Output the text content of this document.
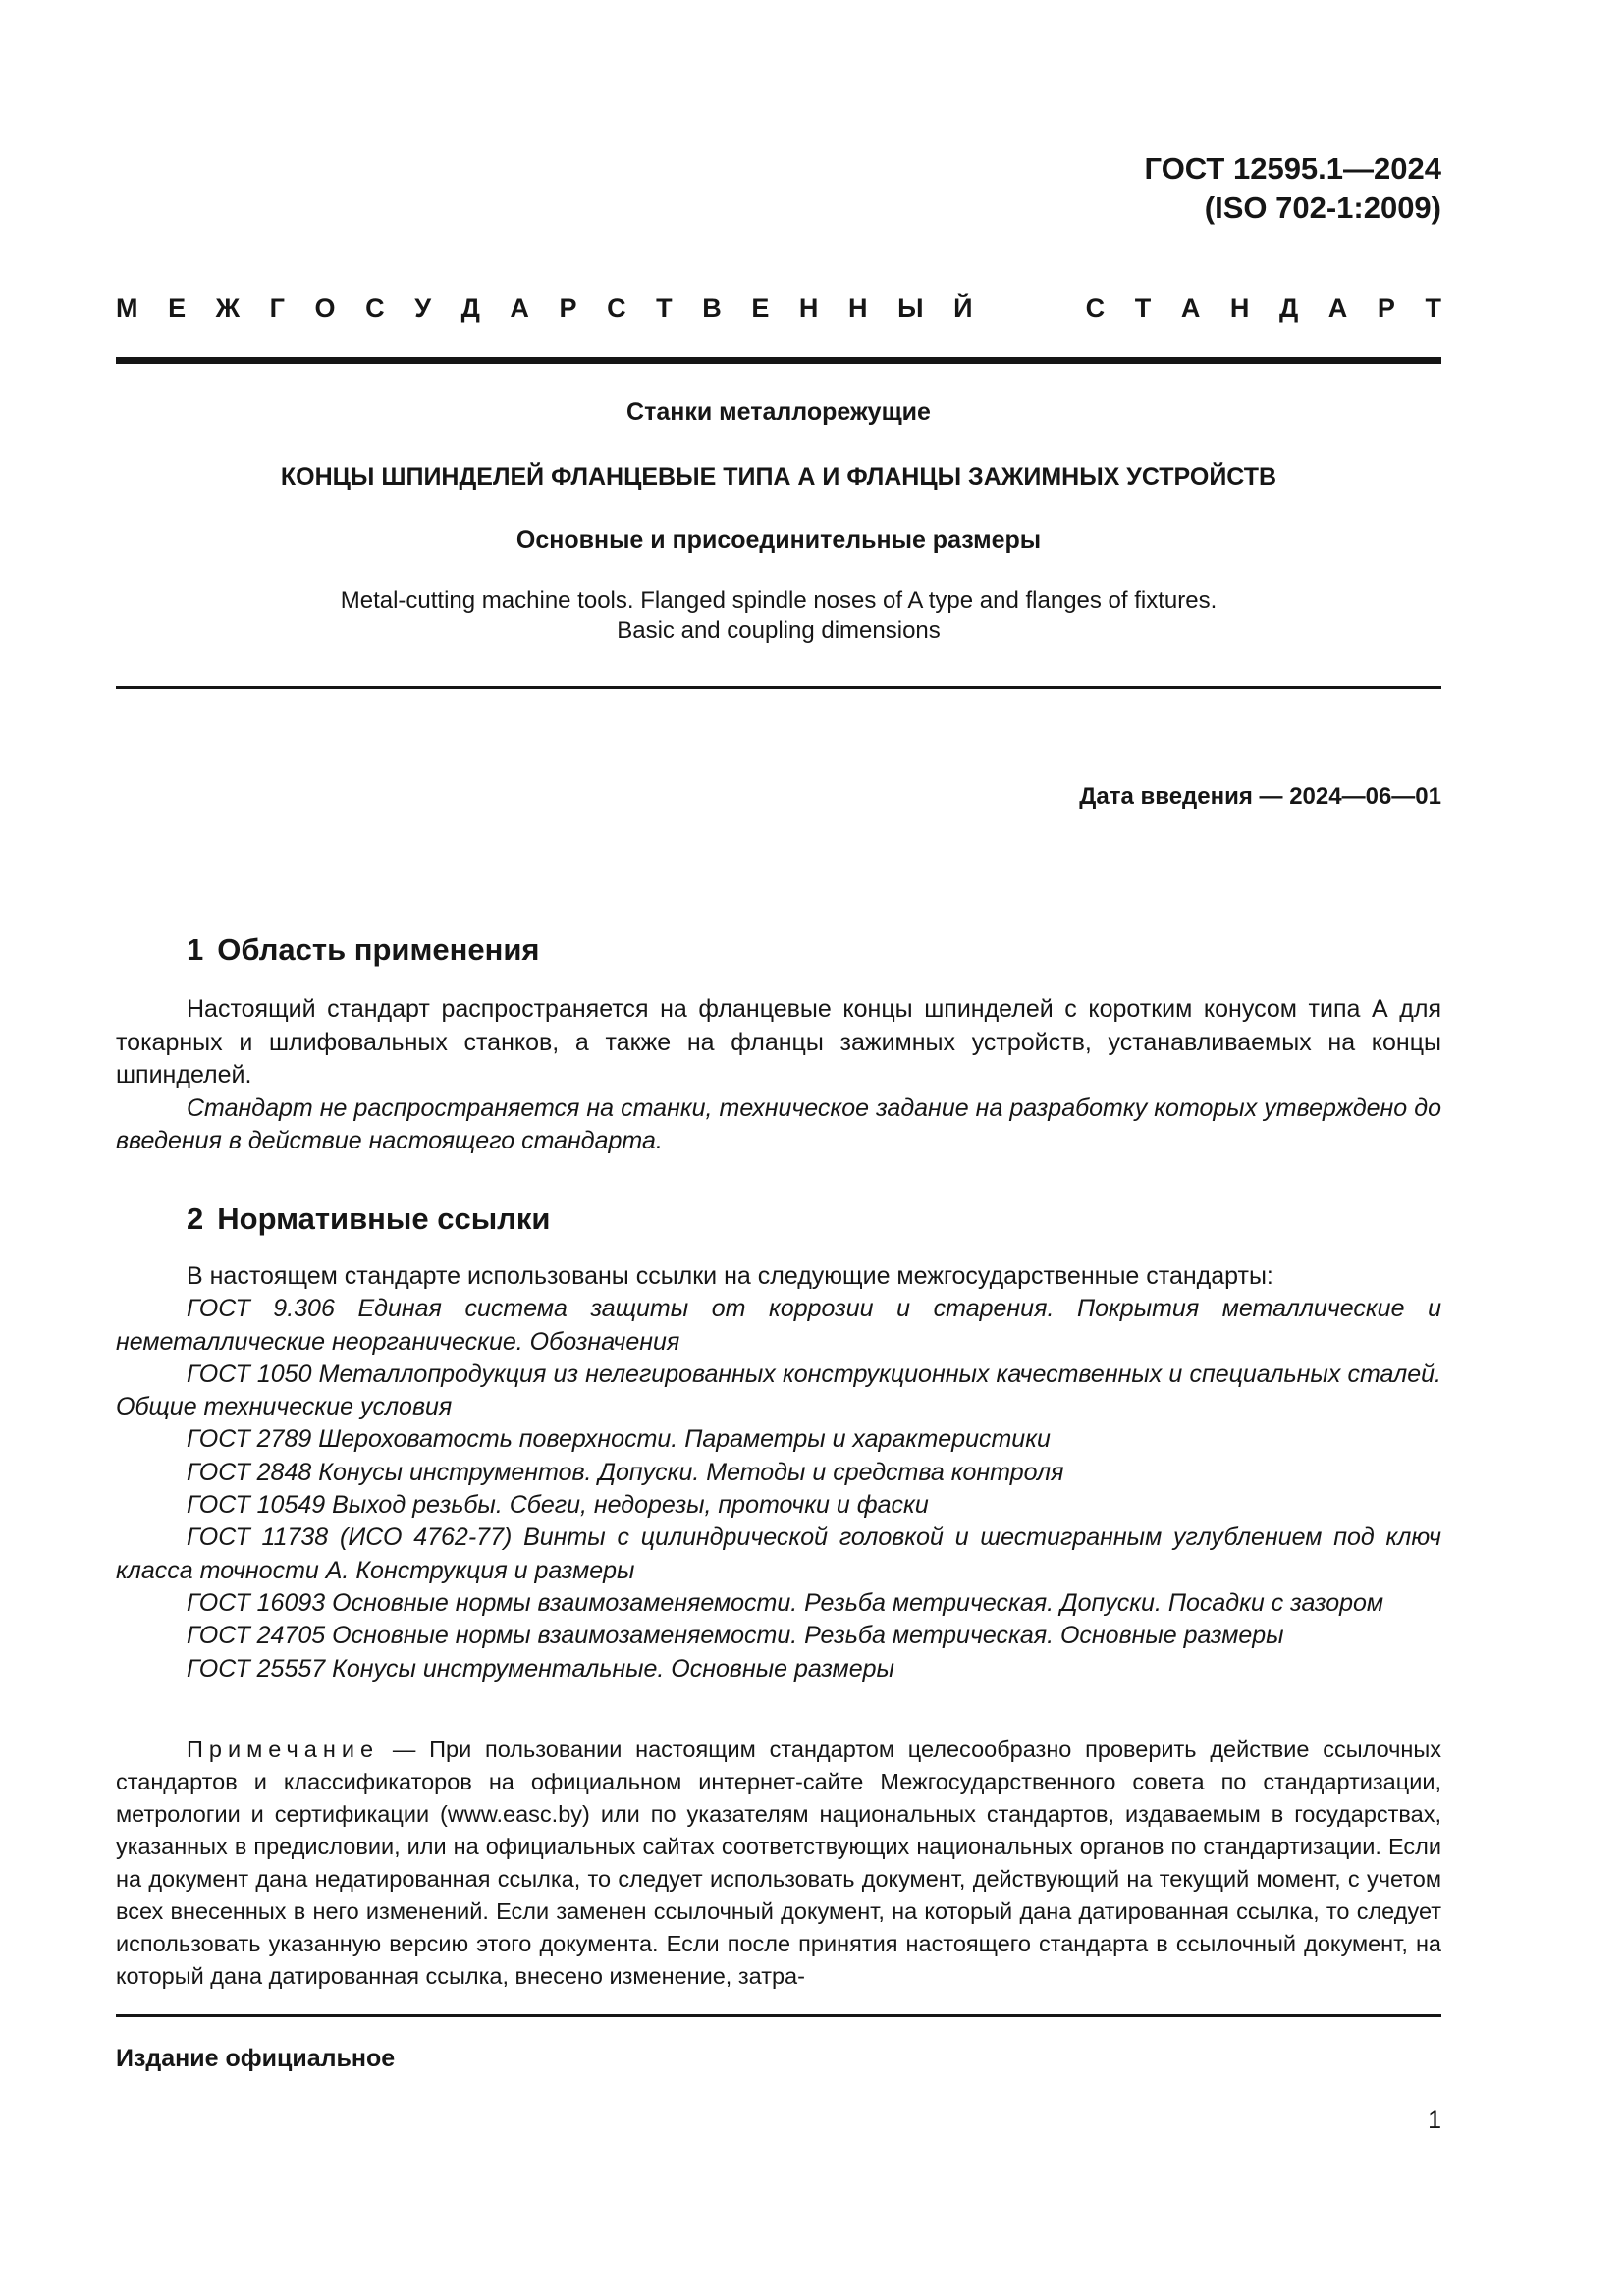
ГОСТ 12595.1—2024
(ISO 702-1:2009)
М Е Ж Г О С У Д А Р С Т В Е Н Н Ы Й	С Т А Н Д А Р Т
Станки металлорежущие
КОНЦЫ ШПИНДЕЛЕЙ ФЛАНЦЕВЫЕ ТИПА А И ФЛАНЦЫ ЗАЖИМНЫХ УСТРОЙСТВ
Основные и присоединительные размеры
Metal-cutting machine tools. Flanged spindle noses of A type and flanges of fixtures.
Basic and coupling dimensions
Дата введения — 2024—06—01
1 Область применения

Настоящий стандарт распространяется на фланцевые концы шпинделей с коротким конусом типа А для токарных и шлифовальных станков, а также на фланцы зажимных устройств, устанавливаемых на концы шпинделей.

Стандарт не распространяется на станки, техническое задание на разработку которых утверждено до введения в действие настоящего стандарта.

2 Нормативные ссылки

В настоящем стандарте использованы ссылки на следующие межгосударственные стандарты:

ГОСТ 9.306 Единая система защиты от коррозии и старения. Покрытия металлические и неметаллические неорганические. Обозначения

ГОСТ 1050 Металлопродукция из нелегированных конструкционных качественных и специальных сталей. Общие технические условия

ГОСТ 2789 Шероховатость поверхности. Параметры и характеристики

ГОСТ 2848 Конусы инструментов. Допуски. Методы и средства контроля

ГОСТ 10549 Выход резьбы. Сбеги, недорезы, проточки и фаски

ГОСТ 11738 (ИСО 4762-77) Винты с цилиндрической головкой и шестигранным углублением под ключ класса точности А. Конструкция и размеры

ГОСТ 16093 Основные нормы взаимозаменяемости. Резьба метрическая. Допуски. Посадки с зазором

ГОСТ 24705 Основные нормы взаимозаменяемости. Резьба метрическая. Основные размеры

ГОСТ 25557 Конусы инструментальные. Основные размеры

Примечание — При пользовании настоящим стандартом целесообразно проверить действие ссылочных стандартов и классификаторов на официальном интернет-сайте Межгосударственного совета по стандартизации, метрологии и сертификации (www.easc.by) или по указателям национальных стандартов, издаваемым в государствах, указанных в предисловии, или на официальных сайтах соответствующих национальных органов по стандартизации. Если на документ дана недатированная ссылка, то следует использовать документ, действующий на текущий момент, с учетом всех внесенных в него изменений. Если заменен ссылочный документ, на который дана датированная ссылка, то следует использовать указанную версию этого документа. Если после принятия настоящего стандарта в ссылочный документ, на который дана датированная ссылка, внесено изменение, затра-

Издание официальное
1
